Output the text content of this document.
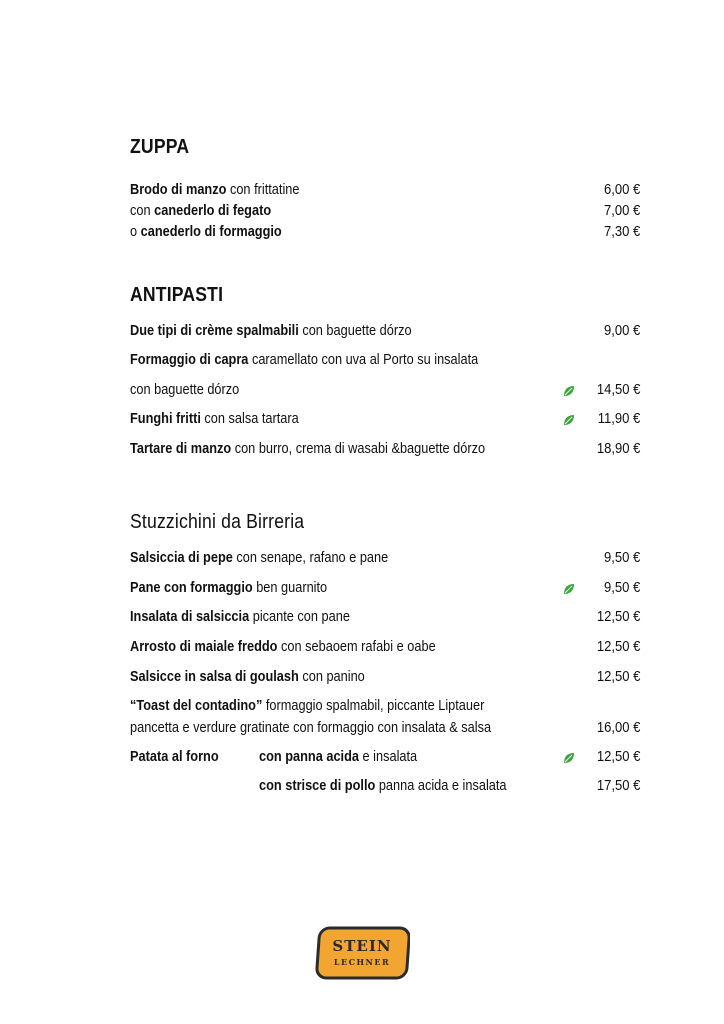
ZUPPA
Brodo di manzo con frittatine	6,00 €
con canederlo di fegato	7,00 €
o canederlo di formaggio	7,30 €
ANTIPASTI
Due tipi di crème spalmabili con baguette dórzo	9,00 €
Formaggio di capra caramellato con uva al Porto su insalata
con baguette dórzo	14,50 €
Funghi fritti con salsa tartara	11,90 €
Tartare di manzo con burro, crema di wasabi &baguette dórzo	18,90 €
Stuzzichini da Birreria
Salsiccia di pepe con senape, rafano e pane	9,50 €
Pane con formaggio ben guarnito	9,50 €
Insalata di salsiccia picante con pane	12,50 €
Arrosto di maiale freddo con sebaoem rafabi e oabe	12,50 €
Salsicce in salsa di goulash con panino	12,50 €
“Toast del contadino” formaggio spalmabil, piccante Liptauer
pancetta e verdure gratinate con formaggio con insalata & salsa	16,00 €
Patata al forno	con panna acida e insalata	12,50 €
con strisce di pollo panna acida e insalata	17,50 €
STEIN
LECHNER
